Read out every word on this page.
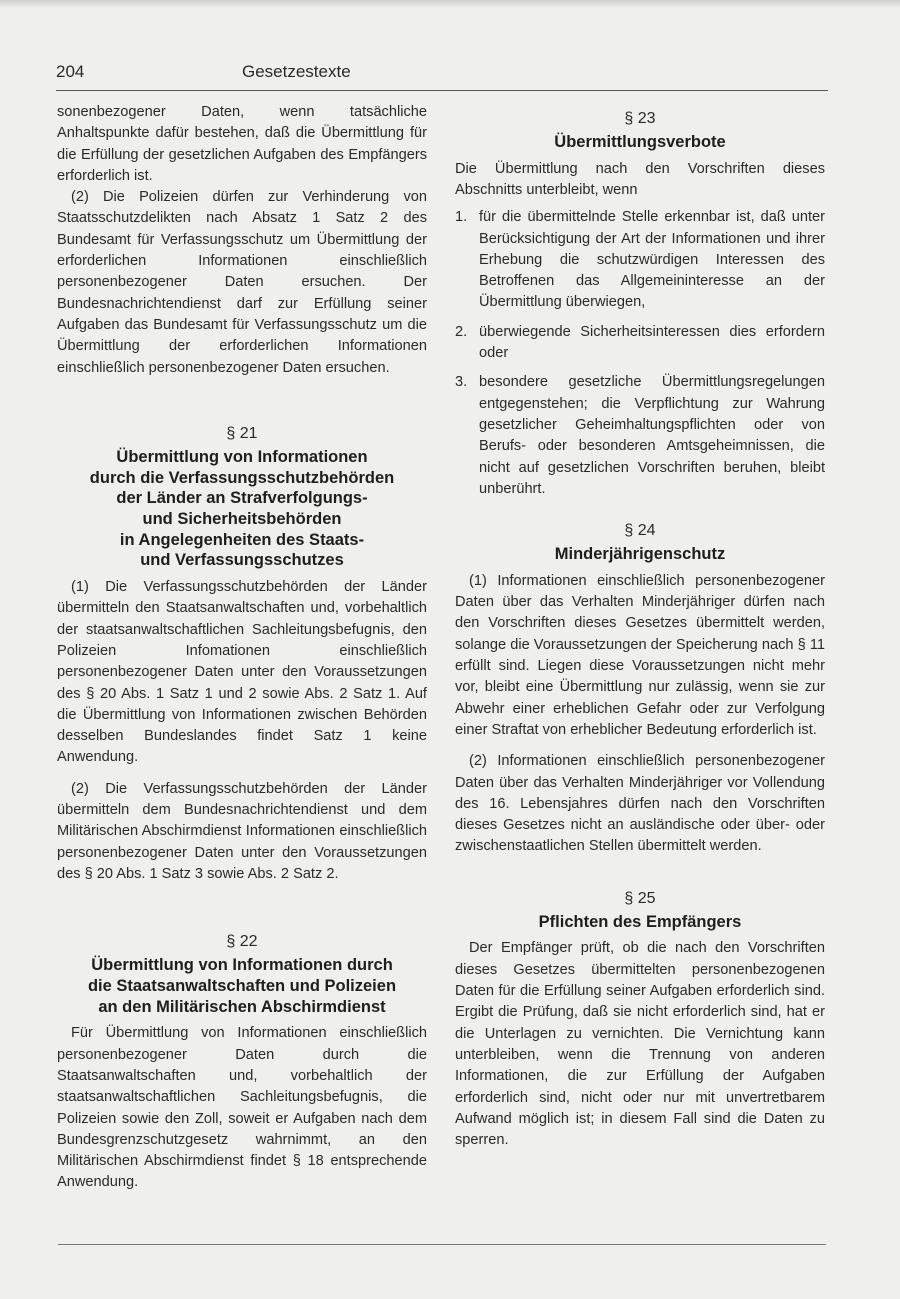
204	Gesetzestexte

sonenbezogener Daten, wenn tatsächliche Anhaltspunkte dafür bestehen, daß die Übermittlung für die Erfüllung der gesetzlichen Aufgaben des Empfängers erforderlich ist.

(2) Die Polizeien dürfen zur Verhinderung von Staatsschutzdelikten nach Absatz 1 Satz 2 des Bundesamt für Verfassungsschutz um Übermittlung der erforderlichen Informationen einschließlich personenbezogener Daten ersuchen. Der Bundesnachrichtendienst darf zur Erfüllung seiner Aufgaben das Bundesamt für Verfassungsschutz um die Übermittlung der erforderlichen Informationen einschließlich personenbezogener Daten ersuchen.

§ 21
Übermittlung von Informationen
durch die Verfassungsschutzbehörden
der Länder an Strafverfolgungs-
und Sicherheitsbehörden
in Angelegenheiten des Staats-
und Verfassungsschutzes

(1) Die Verfassungsschutzbehörden der Länder übermitteln den Staatsanwaltschaften und, vorbehaltlich der staatsanwaltschaftlichen Sachleitungsbefugnis, den Polizeien Infomationen einschließlich personenbezogener Daten unter den Voraussetzungen des § 20 Abs. 1 Satz 1 und 2 sowie Abs. 2 Satz 1. Auf die Übermittlung von Informationen zwischen Behörden desselben Bundeslandes findet Satz 1 keine Anwendung.

(2) Die Verfassungsschutzbehörden der Länder übermitteln dem Bundesnachrichtendienst und dem Militärischen Abschirmdienst Informationen einschließlich personenbezogener Daten unter den Voraussetzungen des § 20 Abs. 1 Satz 3 sowie Abs. 2 Satz 2.

§ 22
Übermittlung von Informationen durch
die Staatsanwaltschaften und Polizeien
an den Militärischen Abschirmdienst

Für Übermittlung von Informationen einschließlich personenbezogener Daten durch die Staatsanwaltschaften und, vorbehaltlich der staatsanwaltschaftlichen Sachleitungsbefugnis, die Polizeien sowie den Zoll, soweit er Aufgaben nach dem Bundesgrenzschutzgesetz wahrnimmt, an den Militärischen Abschirmdienst findet § 18 entsprechende Anwendung.

§ 23
Übermittlungsverbote

Die Übermittlung nach den Vorschriften dieses Abschnitts unterbleibt, wenn

1. für die übermittelnde Stelle erkennbar ist, daß unter Berücksichtigung der Art der Informationen und ihrer Erhebung die schutzwürdigen Interessen des Betroffenen das Allgemeininteresse an der Übermittlung überwiegen,
2. überwiegende Sicherheitsinteressen dies erfordern oder
3. besondere gesetzliche Übermittlungsregelungen entgegenstehen; die Verpflichtung zur Wahrung gesetzlicher Geheimhaltungspflichten oder von Berufs- oder besonderen Amtsgeheimnissen, die nicht auf gesetzlichen Vorschriften beruhen, bleibt unberührt.
§ 24
Minderjährigenschutz

(1) Informationen einschließlich personenbezogener Daten über das Verhalten Minderjähriger dürfen nach den Vorschriften dieses Gesetzes übermittelt werden, solange die Voraussetzungen der Speicherung nach § 11 erfüllt sind. Liegen diese Voraussetzungen nicht mehr vor, bleibt eine Übermittlung nur zulässig, wenn sie zur Abwehr einer erheblichen Gefahr oder zur Verfolgung einer Straftat von erheblicher Bedeutung erforderlich ist.

(2) Informationen einschließlich personenbezogener Daten über das Verhalten Minderjähriger vor Vollendung des 16. Lebensjahres dürfen nach den Vorschriften dieses Gesetzes nicht an ausländische oder über- oder zwischenstaatlichen Stellen übermittelt werden.

§ 25
Pflichten des Empfängers

Der Empfänger prüft, ob die nach den Vorschriften dieses Gesetzes übermittelten personenbezogenen Daten für die Erfüllung seiner Aufgaben erforderlich sind. Ergibt die Prüfung, daß sie nicht erforderlich sind, hat er die Unterlagen zu vernichten. Die Vernichtung kann unterbleiben, wenn die Trennung von anderen Informationen, die zur Erfüllung der Aufgaben erforderlich sind, nicht oder nur mit unvertretbarem Aufwand möglich ist; in diesem Fall sind die Daten zu sperren.
